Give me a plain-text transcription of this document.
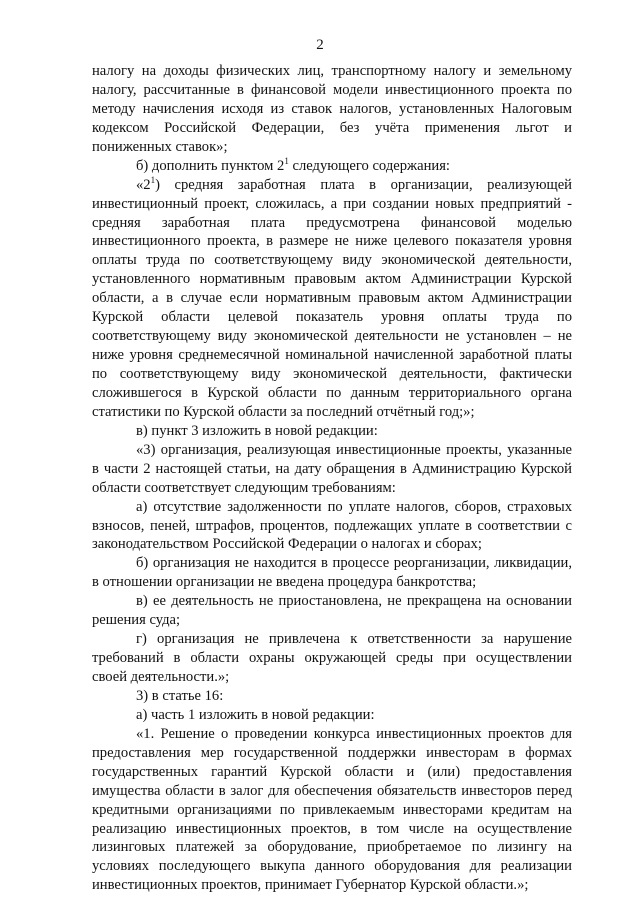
2
налогу на доходы физических лиц, транспортному налогу и земельному
налогу, рассчитанные в финансовой модели инвестиционного проекта по
методу начисления исходя из ставок налогов, установленных Налоговым
кодексом Российской Федерации, без учёта применения льгот и
пониженных ставок»;
б) дополнить пунктом $2^1$ следующего содержания:
«$2^1$) средняя заработная плата в организации, реализующей
инвестиционный проект, сложилась, а при создании новых предприятий -
средняя заработная плата предусмотрена финансовой моделью
инвестиционного проекта, в размере не ниже целевого показателя уровня
оплаты труда по соответствующему виду экономической деятельности,
установленного нормативным правовым актом Администрации Курской
области, а в случае если нормативным правовым актом Администрации
Курской области целевой показатель уровня оплаты труда по
соответствующему виду экономической деятельности не установлен – не
ниже уровня среднемесячной номинальной начисленной заработной платы
по соответствующему виду экономической деятельности, фактически
сложившегося в Курской области по данным территориального органа
статистики по Курской области за последний отчётный год;»;
в) пункт 3 изложить в новой редакции:
«3) организация, реализующая инвестиционные проекты, указанные
в части 2 настоящей статьи, на дату обращения в Администрацию Курской
области соответствует следующим требованиям:
а) отсутствие задолженности по уплате налогов, сборов, страховых
взносов, пеней, штрафов, процентов, подлежащих уплате в соответствии с
законодательством Российской Федерации о налогах и сборах;
б) организация не находится в процессе реорганизации, ликвидации,
в отношении организации не введена процедура банкротства;
в) ее деятельность не приостановлена, не прекращена на основании
решения суда;
г) организация не привлечена к ответственности за нарушение
требований в области охраны окружающей среды при осуществлении
своей деятельности.»;
3) в статье 16:
а) часть 1 изложить в новой редакции:
«1. Решение о проведении конкурса инвестиционных проектов для
предоставления мер государственной поддержки инвесторам в формах
государственных гарантий Курской области и (или) предоставления
имущества области в залог для обеспечения обязательств инвесторов перед
кредитными организациями по привлекаемым инвесторами кредитам на
реализацию инвестиционных проектов, в том числе на осуществление
лизинговых платежей за оборудование, приобретаемое по лизингу на
условиях последующего выкупа данного оборудования для реализации
инвестиционных проектов, принимает Губернатор Курской области.»;
